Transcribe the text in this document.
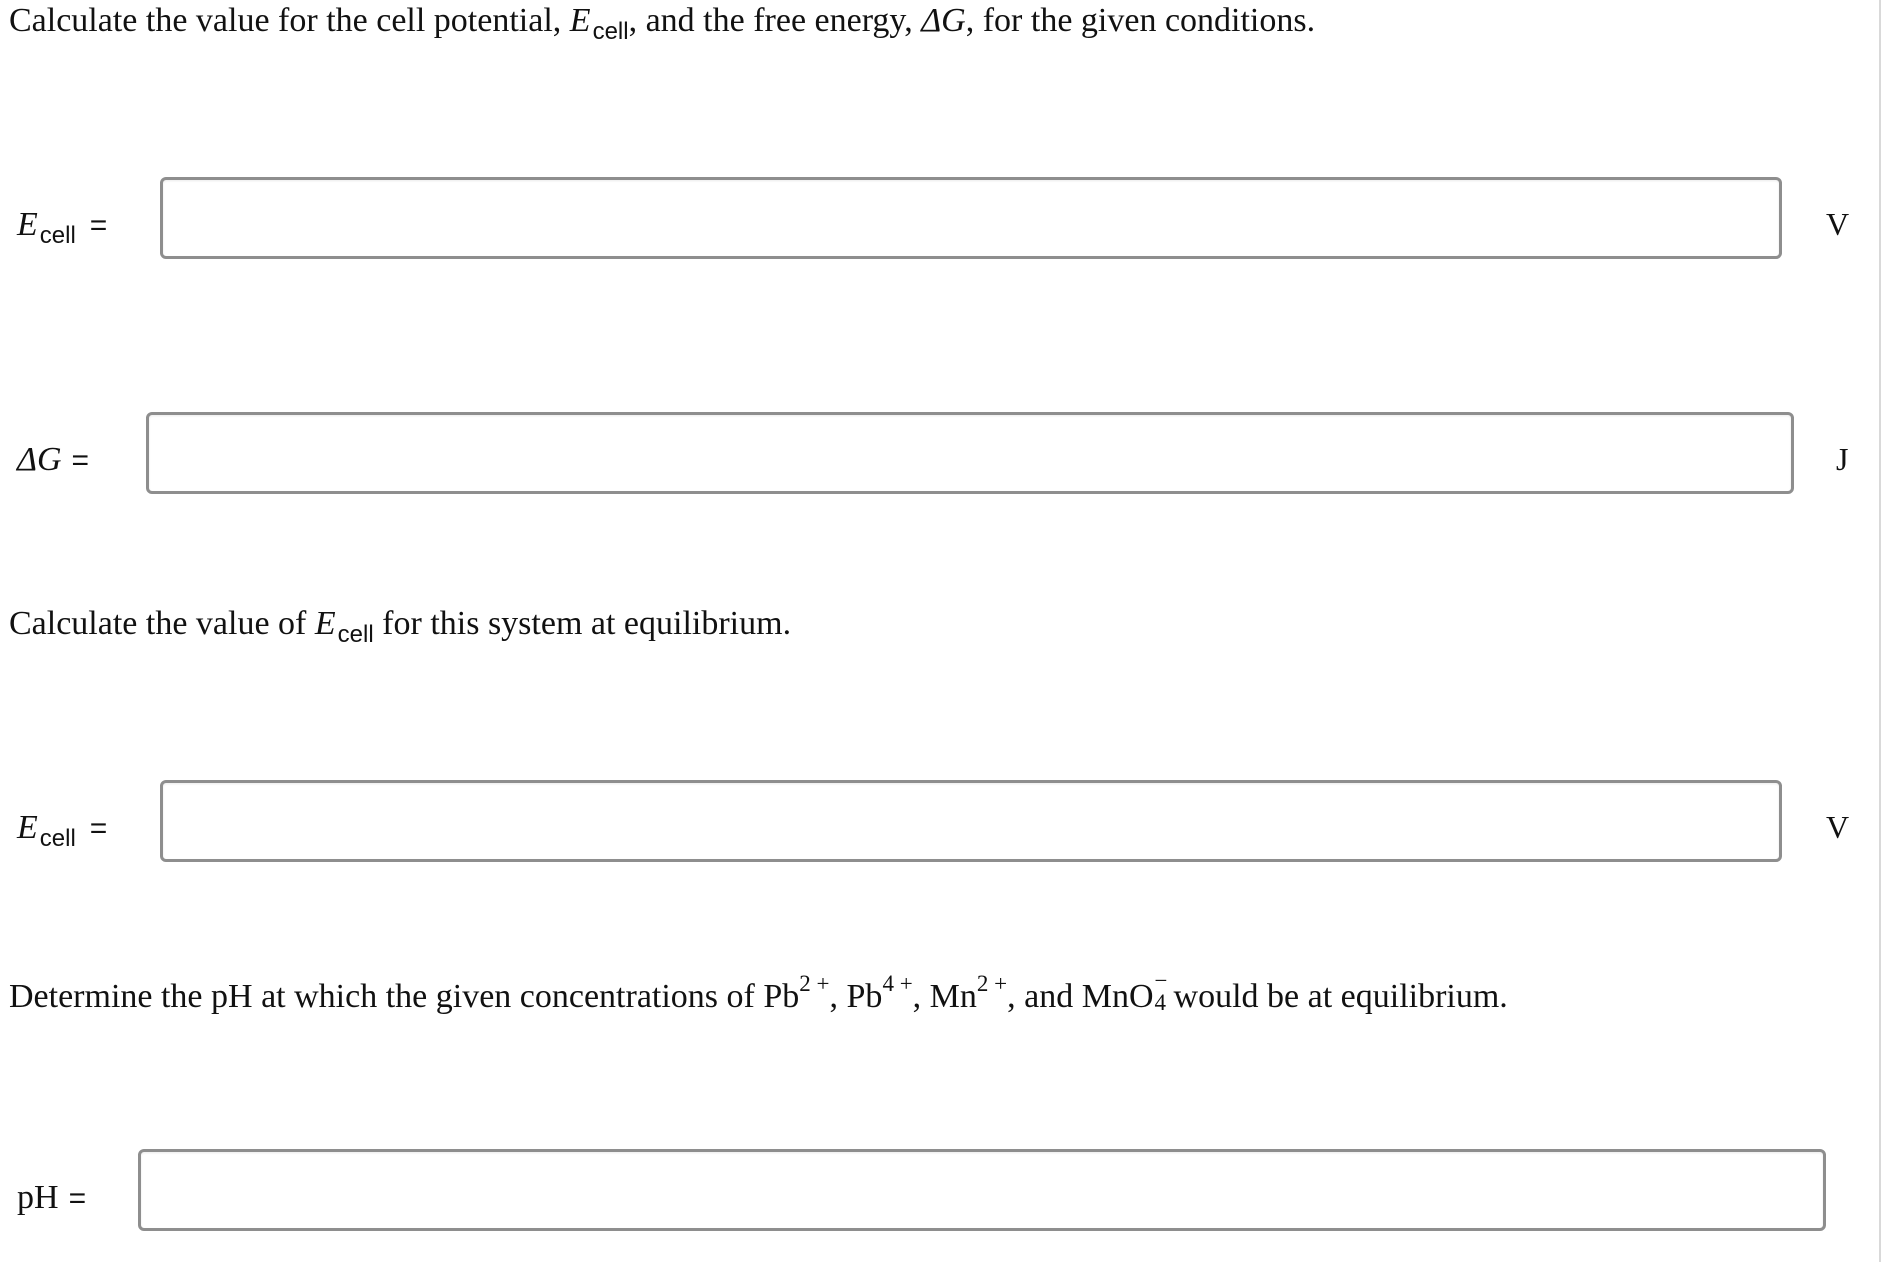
Calculate the value for the cell potential, $E_{cell}$, and the free energy, ΔG, for the given conditions.
$E_{cell}$ =	V
ΔG =	J
Calculate the value of $E_{cell}$ for this system at equilibrium.
$E_{cell}$ =	V
Determine the pH at which the given concentrations of $Pb^{2 +}$, $Pb^{4 +}$, $Mn^{2 +}$, and MnO −
4 would be at equilibrium.
pH =
